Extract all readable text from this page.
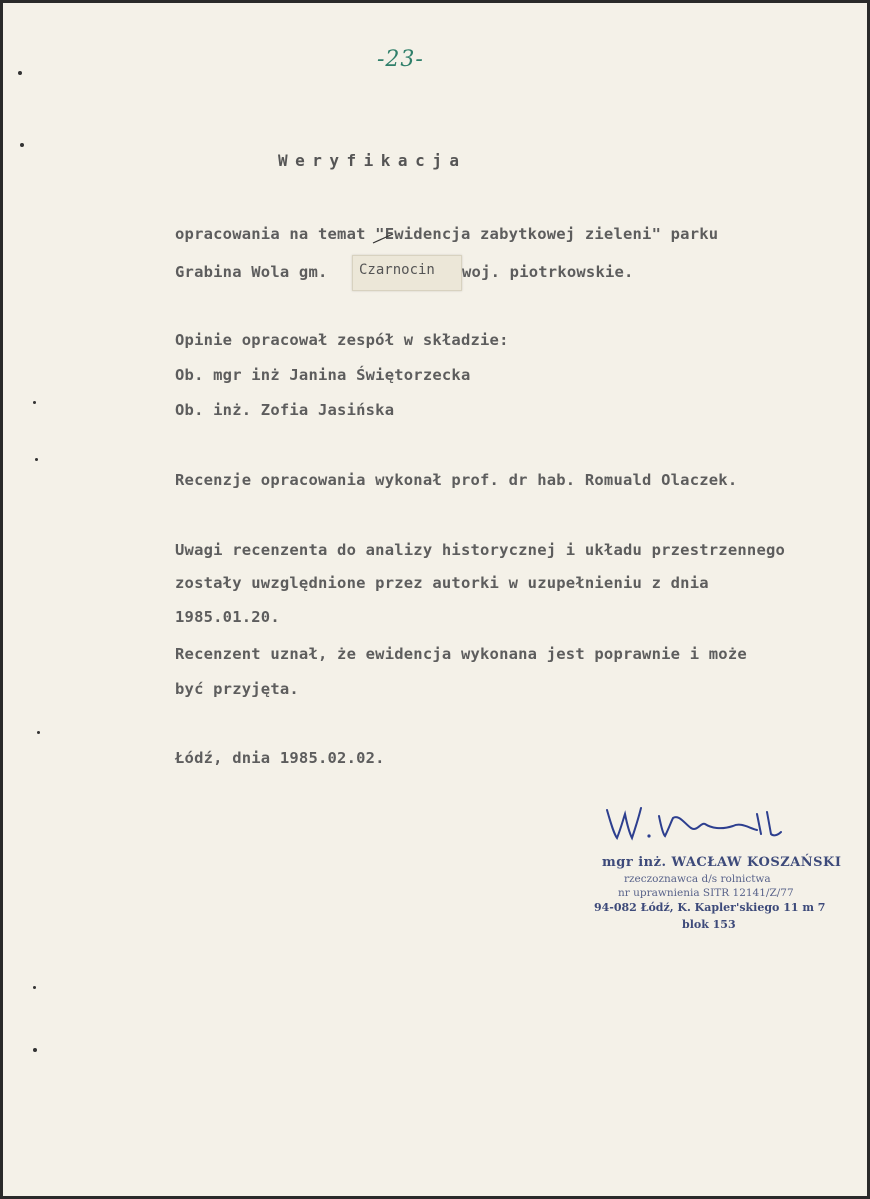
-23-
Weryfikacja
opracowania na temat "Ewidencja zabytkowej zieleni" parku
Grabina Wola gm. Czarnocin woj. piotrkowskie.
Opinie opracował zespół w składzie:
Ob. mgr inż Janina Świętorzecka
Ob. inż. Zofia Jasińska
Recenzje opracowania wykonał prof. dr hab. Romuald Olaczek.
Uwagi recenzenta do analizy historycznej i układu przestrzennego
zostały uwzględnione przez autorki w uzupełnieniu z dnia
1985.01.20.
Recenzent uznał, że ewidencja wykonana jest poprawnie i może
być przyjęta.
Łódź, dnia 1985.02.02.
mgr inż. WACŁAW KOSZAŃSKI
rzeczoznawca d/s rolnictwa
nr uprawnienia SITR 12141/Z/77
94-082 Łódź, K. Kapler'skiego 11 m 7
blok 153
